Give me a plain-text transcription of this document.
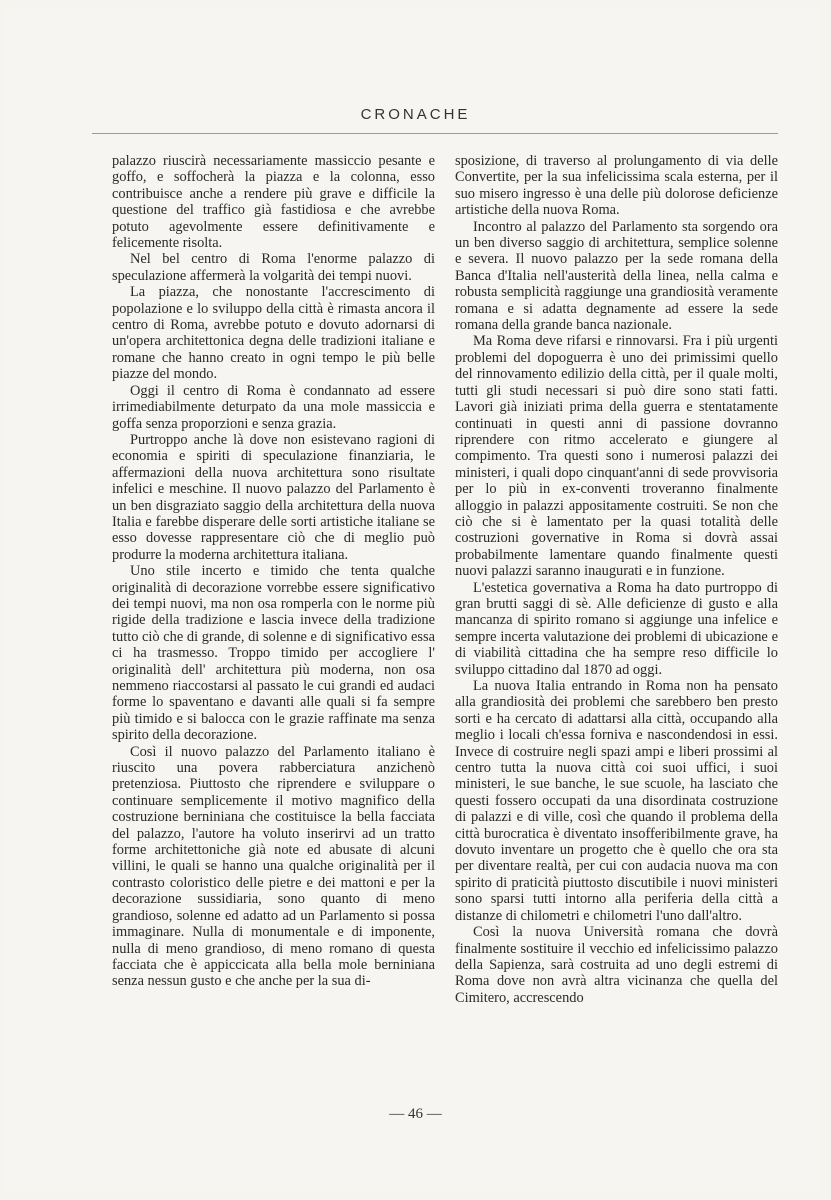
CRONACHE

palazzo riuscirà necessariamente massiccio pesante e goffo, e soffocherà la piazza e la colonna, esso contribuisce anche a rendere più grave e difficile la questione del traffico già fastidiosa e che avrebbe potuto agevolmente essere definitivamente e felicemente risolta.

Nel bel centro di Roma l'enorme palazzo di speculazione affermerà la volgarità dei tempi nuovi.

La piazza, che nonostante l'accrescimento di popolazione e lo sviluppo della città è rimasta ancora il centro di Roma, avrebbe potuto e dovuto adornarsi di un'opera architettonica degna delle tradizioni italiane e romane che hanno creato in ogni tempo le più belle piazze del mondo.

Oggi il centro di Roma è condannato ad essere irrimediabilmente deturpato da una mole massiccia e goffa senza proporzioni e senza grazia.

Purtroppo anche là dove non esistevano ragioni di economia e spiriti di speculazione finanziaria, le affermazioni della nuova architettura sono risultate infelici e meschine. Il nuovo palazzo del Parlamento è un ben disgraziato saggio della architettura della nuova Italia e farebbe disperare delle sorti artistiche italiane se esso dovesse rappresentare ciò che di meglio può produrre la moderna architettura italiana.

Uno stile incerto e timido che tenta qualche originalità di decorazione vorrebbe essere significativo dei tempi nuovi, ma non osa romperla con le norme più rigide della tradizione e lascia invece della tradizione tutto ciò che di grande, di solenne e di significativo essa ci ha trasmesso. Troppo timido per accogliere l' originalità dell' architettura più moderna, non osa nemmeno riaccostarsi al passato le cui grandi ed audaci forme lo spaventano e davanti alle quali si fa sempre più timido e si balocca con le grazie raffinate ma senza spirito della decorazione.

Così il nuovo palazzo del Parlamento italiano è riuscito una povera rabberciatura anzichenò pretenziosa. Piuttosto che riprendere e sviluppare o continuare semplicemente il motivo magnifico della costruzione berniniana che costituisce la bella facciata del palazzo, l'autore ha voluto inserirvi ad un tratto forme architettoniche già note ed abusate di alcuni villini, le quali se hanno una qualche originalità per il contrasto coloristico delle pietre e dei mattoni e per la decorazione sussidiaria, sono quanto di meno grandioso, solenne ed adatto ad un Parlamento si possa immaginare. Nulla di monumentale e di imponente, nulla di meno grandioso, di meno romano di questa facciata che è appiccicata alla bella mole berniniana senza nessun gusto e che anche per la sua di-

sposizione, di traverso al prolungamento di via delle Convertite, per la sua infelicissima scala esterna, per il suo misero ingresso è una delle più dolorose deficienze artistiche della nuova Roma.

Incontro al palazzo del Parlamento sta sorgendo ora un ben diverso saggio di architettura, semplice solenne e severa. Il nuovo palazzo per la sede romana della Banca d'Italia nell'austerità della linea, nella calma e robusta semplicità raggiunge una grandiosità veramente romana e si adatta degnamente ad essere la sede romana della grande banca nazionale.

Ma Roma deve rifarsi e rinnovarsi. Fra i più urgenti problemi del dopoguerra è uno dei primissimi quello del rinnovamento edilizio della città, per il quale molti, tutti gli studi necessari si può dire sono stati fatti. Lavori già iniziati prima della guerra e stentatamente continuati in questi anni di passione dovranno riprendere con ritmo accelerato e giungere al compimento. Tra questi sono i numerosi palazzi dei ministeri, i quali dopo cinquant'anni di sede provvisoria per lo più in ex-conventi troveranno finalmente alloggio in palazzi appositamente costruiti. Se non che ciò che si è lamentato per la quasi totalità delle costruzioni governative in Roma si dovrà assai probabilmente lamentare quando finalmente questi nuovi palazzi saranno inaugurati e in funzione.

L'estetica governativa a Roma ha dato purtroppo di gran brutti saggi di sè. Alle deficienze di gusto e alla mancanza di spirito romano si aggiunge una infelice e sempre incerta valutazione dei problemi di ubicazione e di viabilità cittadina che ha sempre reso difficile lo sviluppo cittadino dal 1870 ad oggi.

La nuova Italia entrando in Roma non ha pensato alla grandiosità dei problemi che sarebbero ben presto sorti e ha cercato di adattarsi alla città, occupando alla meglio i locali ch'essa forniva e nascondendosi in essi. Invece di costruire negli spazi ampi e liberi prossimi al centro tutta la nuova città coi suoi uffici, i suoi ministeri, le sue banche, le sue scuole, ha lasciato che questi fossero occupati da una disordinata costruzione di palazzi e di ville, così che quando il problema della città burocratica è diventato insofferibilmente grave, ha dovuto inventare un progetto che è quello che ora sta per diventare realtà, per cui con audacia nuova ma con spirito di praticità piuttosto discutibile i nuovi ministeri sono sparsi tutti intorno alla periferia della città a distanze di chilometri e chilometri l'uno dall'altro.

Così la nuova Università romana che dovrà finalmente sostituire il vecchio ed infelicissimo palazzo della Sapienza, sarà costruita ad uno degli estremi di Roma dove non avrà altra vicinanza che quella del Cimitero, accrescendo

— 46 —
